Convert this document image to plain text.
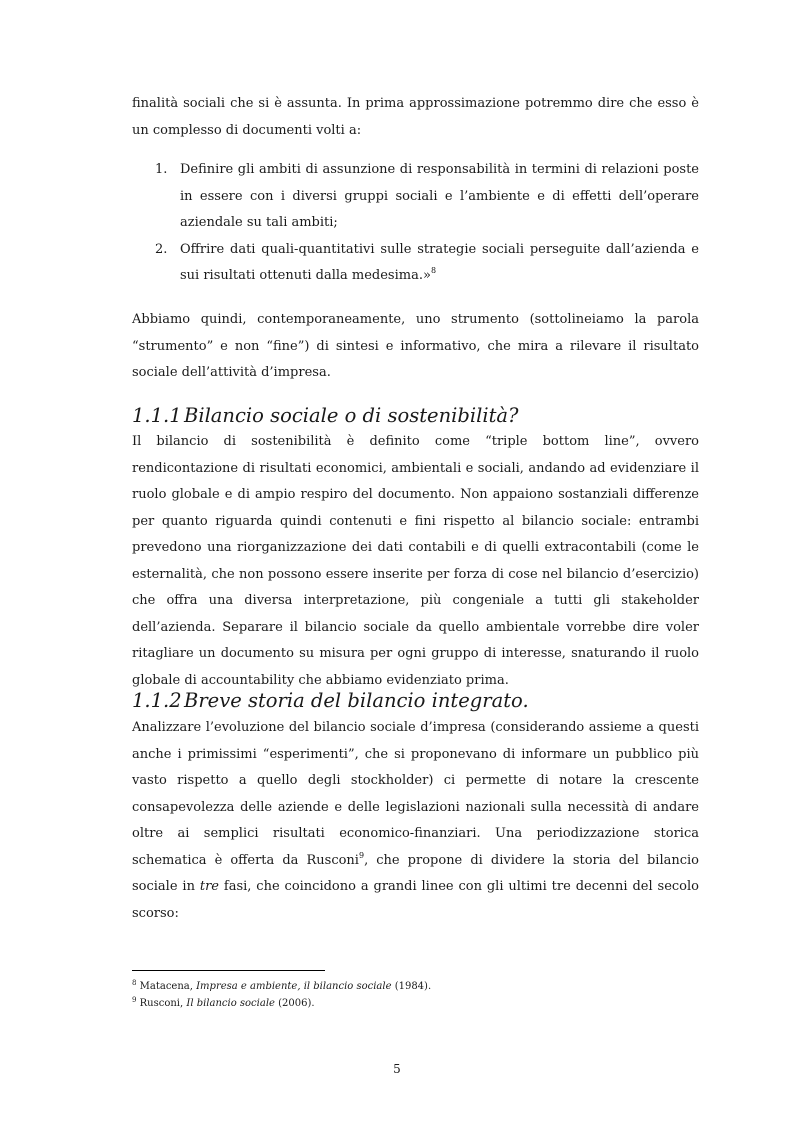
finalità sociali che si è assunta. In prima approssimazione potremmo dire che esso è un complesso di documenti volti a:

1. Definire gli ambiti di assunzione di responsabilità in termini di relazioni poste in essere con i diversi gruppi sociali e l’ambiente e di effetti dell’operare aziendale su tali ambiti;
2. Offrire dati quali-quantitativi sulle strategie sociali perseguite dall’azienda e sui risultati ottenuti dalla medesima.»$^8$

Abbiamo quindi, contemporaneamente, uno strumento (sottolineiamo la parola “strumento” e non “fine”) di sintesi e informativo, che mira a rilevare il risultato sociale dell’attività d’impresa.

1.1.1 Bilancio sociale o di sostenibilità?

Il bilancio di sostenibilità è definito come “triple bottom line”, ovvero rendicontazione di risultati economici, ambientali e sociali, andando ad evidenziare il ruolo globale e di ampio respiro del documento. Non appaiono sostanziali differenze per quanto riguarda quindi contenuti e fini rispetto al bilancio sociale: entrambi prevedono una riorganizzazione dei dati contabili e di quelli extracontabili (come le esternalità, che non possono essere inserite per forza di cose nel bilancio d’esercizio) che offra una diversa interpretazione, più congeniale a tutti gli stakeholder dell’azienda. Separare il bilancio sociale da quello ambientale vorrebbe dire voler ritagliare un documento su misura per ogni gruppo di interesse, snaturando il ruolo globale di accountability che abbiamo evidenziato prima.

1.1.2 Breve storia del bilancio integrato.

Analizzare l’evoluzione del bilancio sociale d’impresa (considerando assieme a questi anche i primissimi “esperimenti”, che si proponevano di informare un pubblico più vasto rispetto a quello degli stockholder) ci permette di notare la crescente consapevolezza delle aziende e delle legislazioni nazionali sulla necessità di andare oltre ai semplici risultati economico-finanziari. Una periodizzazione storica schematica è offerta da Rusconi$^9$, che propone di dividere la storia del bilancio sociale in tre fasi, che coincidono a grandi linee con gli ultimi tre decenni del secolo scorso:

$^8$ Matacena, Impresa e ambiente, il bilancio sociale (1984).
$^9$ Rusconi, Il bilancio sociale (2006).
5
